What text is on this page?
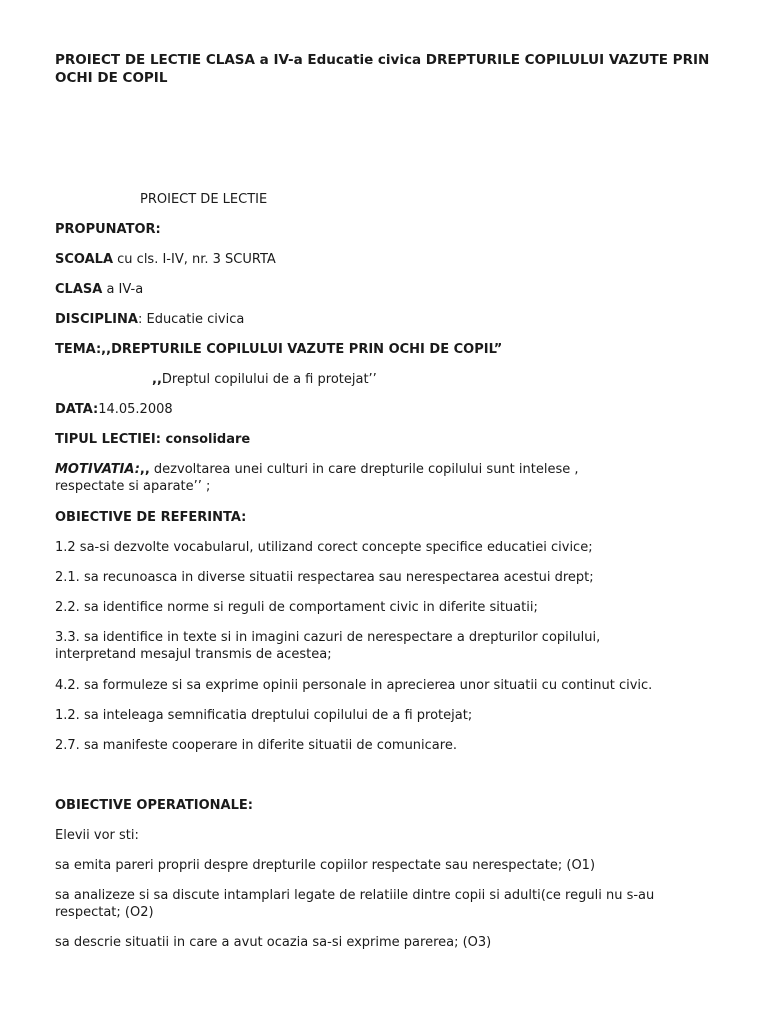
PROIECT DE LECTIE CLASA a IV-a Educatie civica DREPTURILE COPILULUI VAZUTE PRIN OCHI DE COPIL
PROIECT DE LECTIE
PROPUNATOR:
SCOALA cu cls. I-IV, nr. 3 SCURTA
CLASA a IV-a
DISCIPLINA: Educatie civica
TEMA:,,DREPTURILE COPILULUI VAZUTE PRIN OCHI DE COPIL”
,,Dreptul copilului de a fi protejat’’
DATA:14.05.2008
TIPUL LECTIEI: consolidare
MOTIVATIA:,, dezvoltarea unei culturi in care drepturile copilului sunt intelese ,
respectate si aparate’’ ;
OBIECTIVE DE REFERINTA:
1.2 sa-si dezvolte vocabularul, utilizand corect concepte specifice educatiei civice;
2.1. sa recunoasca in diverse situatii respectarea sau nerespectarea acestui drept;
2.2. sa identifice norme si reguli de comportament civic in diferite situatii;
3.3. sa identifice in texte si in imagini cazuri de nerespectare a drepturilor copilului,
interpretand mesajul transmis de acestea;
4.2. sa formuleze si sa exprime opinii personale in aprecierea unor situatii cu continut civic.
1.2. sa inteleaga semnificatia dreptului copilului de a fi protejat;
2.7. sa manifeste cooperare in diferite situatii de comunicare.
OBIECTIVE OPERATIONALE:
Elevii vor sti:
sa emita pareri proprii despre drepturile copiilor respectate sau nerespectate; (O1)
sa analizeze si sa discute intamplari legate de relatiile dintre copii si adulti(ce reguli nu s-au
respectat; (O2)
sa descrie situatii in care a avut ocazia sa-si exprime parerea; (O3)
